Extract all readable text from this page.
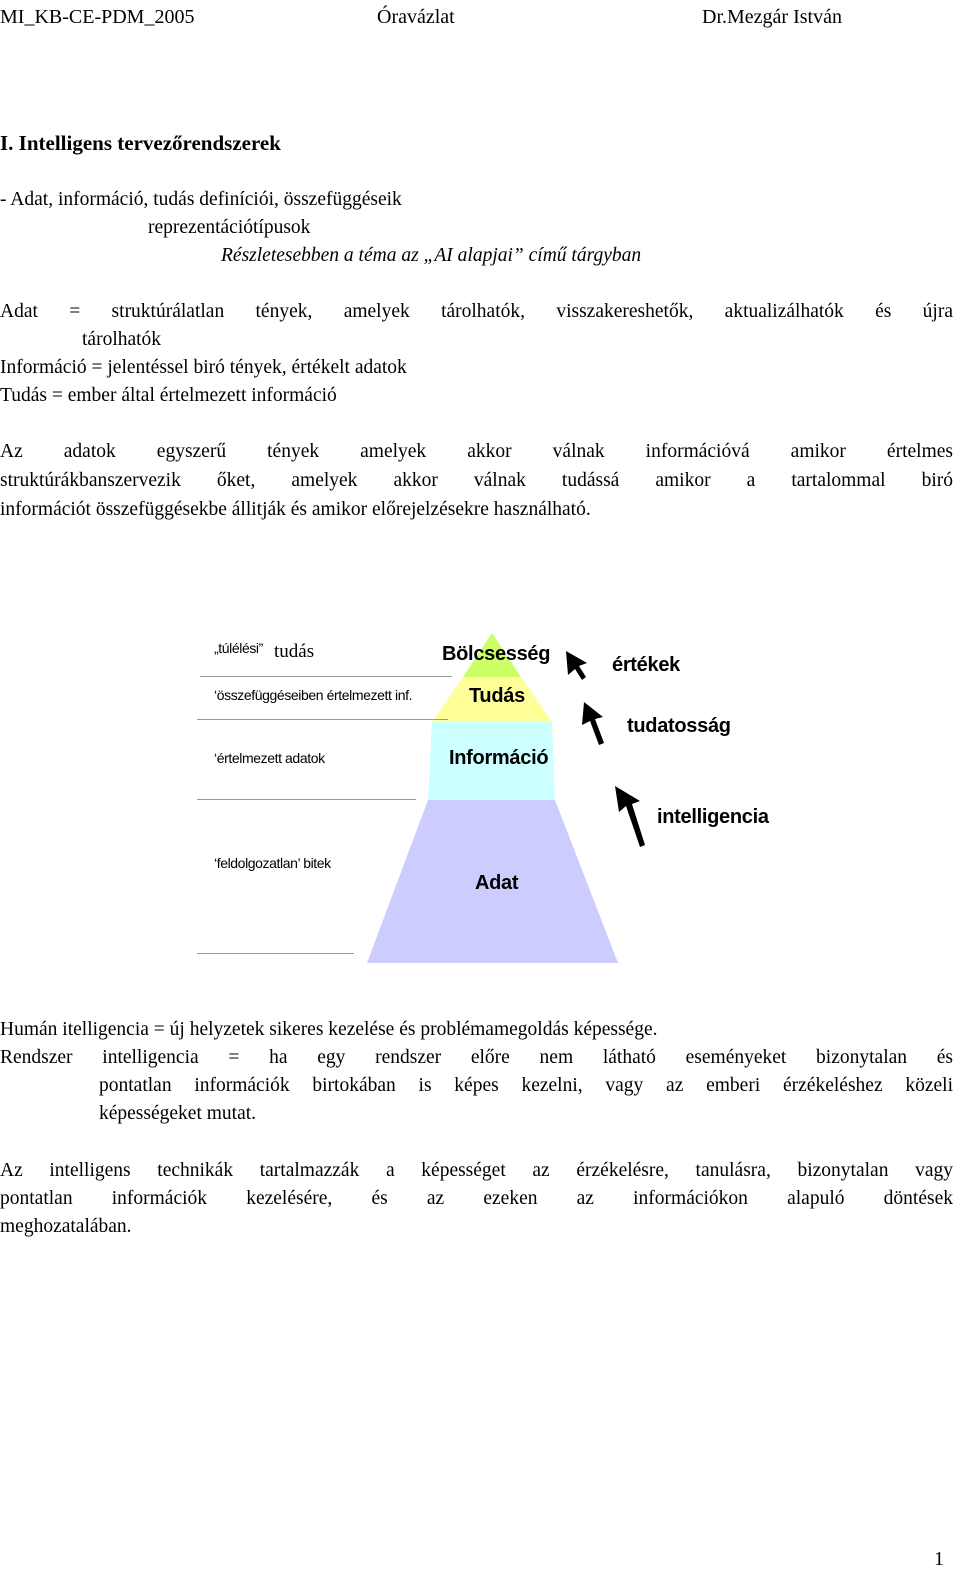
MI_KB-CE-PDM_2005	Óravázlat	Dr.Mezgár István
I. Intelligens tervezőrendszerek
- Adat, információ, tudás definíciói, összefüggéseik
reprezentációtípusok
Részletesebben a téma az „AI alapjai” című tárgyban
Adat = struktúrálatlan tények, amelyek tárolhatók, visszakereshetők, aktualizálhatók és újra
tárolhatók
Információ = jelentéssel biró tények, értékelt adatok
Tudás = ember által értelmezett információ
Az adatok egyszerű tények amelyek akkor válnak információvá amikor értelmes
struktúrákbanszervezik őket, amelyek akkor válnak tudássá amikor a tartalommal biró
információt összefüggésekbe állitják és amikor előrejelzésekre használható.
„túlélési” tudás
‘összefüggéseiben értelmezett inf.
‘értelmezett adatok
‘feldolgozatlan’ bitek
Bölcsesség
Tudás
Információ
Adat
értékek
tudatosság
intelligencia
Humán itelligencia = új helyzetek sikeres kezelése és problémamegoldás képessége.
Rendszer intelligencia = ha egy rendszer előre nem látható eseményeket bizonytalan és
pontatlan információk birtokában is képes kezelni, vagy az emberi érzékeléshez közeli
képességeket mutat.
Az intelligens technikák tartalmazzák a képességet az érzékelésre, tanulásra, bizonytalan vagy
pontatlan információk kezelésére, és az ezeken az információkon alapuló döntések
meghozatalában.
1
